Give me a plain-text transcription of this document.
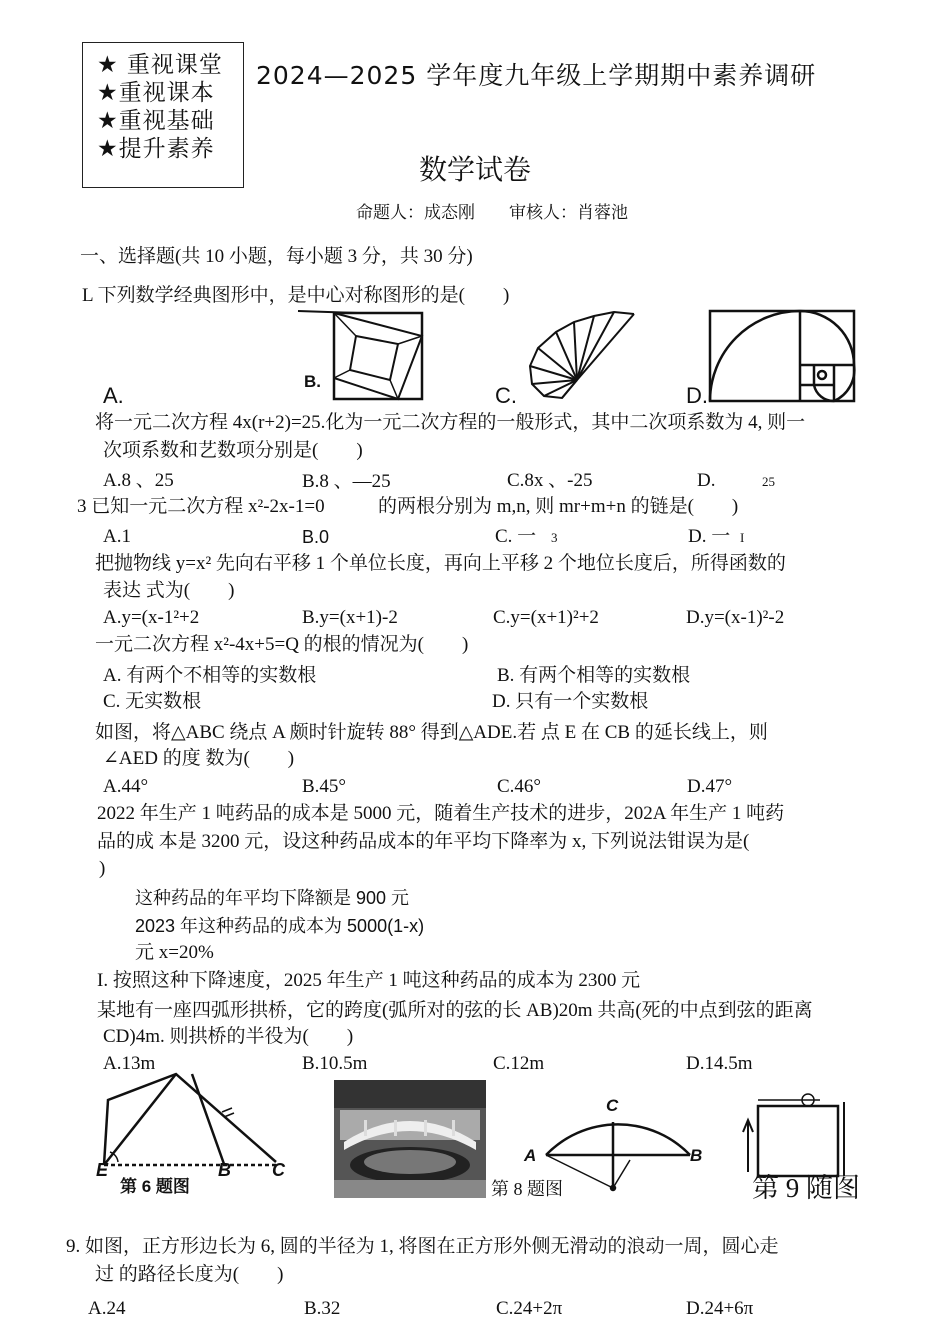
★ 重视课堂 ★重视课本 ★重视基础 ★提升素养
2024—2025 学年度九年级上学期期中素养调研
数学试卷
命题人：成态刚　　审核人：肖蓉池
一、选择题(共 10 小题，每小题 3 分，共 30 分)
L 下列数学经典图形中，是中心对称图形的是(　　)
A.
B.
C.	D.
将一元二次方程 4x(r+2)=25.化为一元二次方程的一般形式，其中二次项系数为 4, 则一
次项系数和艺数项分别是(　　)
A.8 、25	B.8 、—25	C.8x 、-25	D.	25
3 已知一元二次方程 x²-2x-1=0	的两根分别为 m,n, 则 mr+m+n 的链是(　　)
A.1	B.0	C. 一 3	D. 一 I
把抛物线 y=x² 先向右平移 1 个单位长度，再向上平移 2 个地位长度后，所得函数的
表达 式为(　　)
A.y=(x-1²+2	B.y=(x+1)-2	C.y=(x+1)²+2	D.y=(x-1)²-2
一元二次方程 x²-4x+5=Q 的根的情况为(　　)
A. 有两个不相等的实数根	B. 有两个相等的实数根
C. 无实数根	D. 只有一个实数根
如图，将△ABC 绕点 A 颇时针旋转 88° 得到△ADE.若 点 E 在 CB 的延长线上，则
∠AED 的度 数为(　　)
A.44°	B.45°	C.46°	D.47°
2022 年生产 1 吨药品的成本是 5000 元，随着生产技术的进步，202A 年生产 1 吨药
品的成 本是 3200 元，设这种药品成本的年平均下降率为 x, 下列说法钳误为是(
)
这种药品的年平均下降额是 900 元
2023 年这种药品的成本为 5000(1-x)
元 x=20%
I. 按照这种下降速度，2025 年生产 1 吨这种药品的成本为 2300 元
某地有一座四弧形拱桥，它的跨度(弧所对的弦的长 AB)20m 共高(死的中点到弦的距离
CD)4m. 则拱桥的半役为(　　)
A.13m	B.10.5m	C.12m	D.14.5m
E
第 6 题图
B C
C
A	B
第 8 题图	第 9 随图
9. 如图，正方形边长为 6, 圆的半径为 1, 将图在正方形外侧无滑动的浪动一周，圆心走
过 的路径长度为(　　)
A.24	B.32	C.24+2π	D.24+6π
